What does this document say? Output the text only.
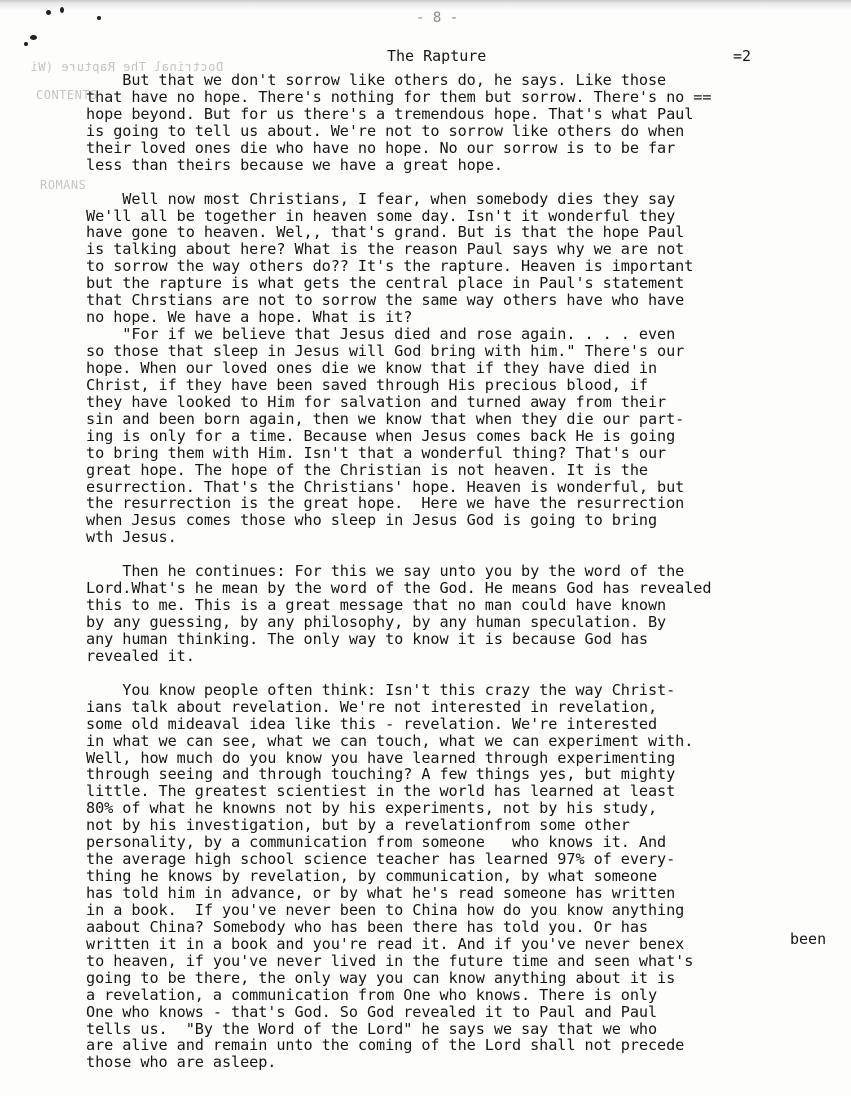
Doctrinal The Rapture (Wi
CONTENTS
ROMANS
- 8 -
The Rapture	=2
But that we don't sorrow like others do, he says. Like those
that have no hope. There's nothing for them but sorrow. There's no ==
hope beyond. But for us there's a tremendous hope. That's what Paul
is going to tell us about. We're not to sorrow like others do when
their loved ones die who have no hope. No our sorrow is to be far
less than theirs because we have a great hope.
Well now most Christians, I fear, when somebody dies they say
We'll all be together in heaven some day. Isn't it wonderful they
have gone to heaven. Wel,, that's grand. But is that the hope Paul
is talking about here? What is the reason Paul says why we are not
to sorrow the way others do?? It's the rapture. Heaven is important
but the rapture is what gets the central place in Paul's statement
that Chrstians are not to sorrow the same way others have who have
no hope. We have a hope. What is it?
"For if we believe that Jesus died and rose again. . . . even
so those that sleep in Jesus will God bring with him." There's our
hope. When our loved ones die we know that if they have died in
Christ, if they have been saved through His precious blood, if
they have looked to Him for salvation and turned away from their
sin and been born again, then we know that when they die our part-
ing is only for a time. Because when Jesus comes back He is going
to bring them with Him. Isn't that a wonderful thing? That's our
great hope. The hope of the Christian is not heaven. It is the
esurrection. That's the Christians' hope. Heaven is wonderful, but
the resurrection is the great hope.  Here we have the resurrection
when Jesus comes those who sleep in Jesus God is going to bring
wth Jesus.
Then he continues: For this we say unto you by the word of the
Lord.What's he mean by the word of the God. He means God has revealed
this to me. This is a great message that no man could have known
by any guessing, by any philosophy, by any human speculation. By
any human thinking. The only way to know it is because God has
revealed it.
You know people often think: Isn't this crazy the way Christ-
ians talk about revelation. We're not interested in revelation,
some old mideaval idea like this - revelation. We're interested
in what we can see, what we can touch, what we can experiment with.
Well, how much do you know you have learned through experimenting
through seeing and through touching? A few things yes, but mighty
little. The greatest scientiest in the world has learned at least
80% of what he knowns not by his experiments, not by his study,
not by his investigation, but by a revelationfrom some other
personality, by a communication from someone   who knows it. And
the average high school science teacher has learned 97% of every-
thing he knows by revelation, by communication, by what someone
has told him in advance, or by what he's read someone has written
in a book.  If you've never been to China how do you know anything
aabout China? Somebody who has been there has told you. Or has
written it in a book and you're read it. And if you've never benex
to heaven, if you've never lived in the future time and seen what's
going to be there, the only way you can know anything about it is
a revelation, a communication from One who knows. There is only
One who knows - that's God. So God revealed it to Paul and Paul
tells us.  "By the Word of the Lord" he says we say that we who
are alive and remain unto the coming of the Lord shall not precede
those who are asleep.
been
